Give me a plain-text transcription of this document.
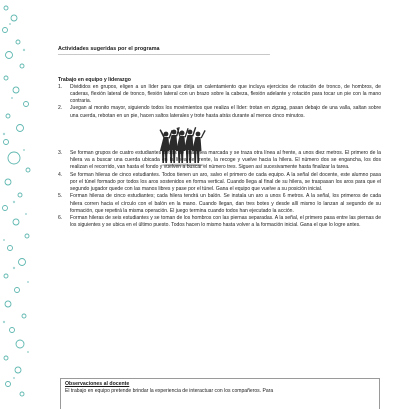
Actividades sugeridas por el programa
Trabajo en equipo y liderazgo
1. Divididos en grupos, eligen a un líder para que dirija un calentamiento que incluya ejercicios de rotación de tronco, de hombros, de caderas, flexión lateral de tronco, flexión lateral con un brazo sobre la cabeza, flexión adelante y rotación para tocar un pie con la mano contraria.
2. Juegan al monito mayor, siguiendo todos los movimientos que realiza el líder: trotan en zigzag, pasan debajo de una valla, saltan sobre una cuerda, rebotan en un pie, hacen saltos laterales y trote hasta atrás durante al menos cinco minutos.
3. Se forman grupos de cuatro estudiantes detrás de una línea marcada y se traza otra línea al frente, a unos diez metros. El primero de la hilera va a buscar una cuerda ubicada en la línea del frente, la recoge y vuelve hacia la hilera. El número dos se engancha, los dos realizan el recorrido, van hasta el fondo y vuelven a buscar el número tres. Siguen así sucesivamente hasta finalizar la tarea.
4. Se forman hileras de cinco estudiantes. Todos tienen un aro, salvo el primero de cada equipo. A la señal del docente, este alumno pasa por el túnel formado por todos los aros sostenidos en forma vertical. Cuando llega al final de su hilera, se traspasan los aros para que el segundo jugador quede con las manos libres y pase por el túnel. Gana el equipo que vuelve a su posición inicial.
5. Forman hileras de cinco estudiantes; cada hilera tendrá un balón. Se instala un aro a unos 6 metros. A la señal, los primeros de cada hilera corren hacia el círculo con el balón en la mano. Cuando llegan, dan tres botes y desde allí mismo lo lanzan al segundo de su formación, que repetirá la misma operación. El juego termina cuando todos han ejecutado la acción.
6. Forman hileras de seis estudiantes y se toman de los hombros con las piernas separadas. A la señal, el primero pasa entre las piernas de los siguientes y se ubica en el último puesto. Todos hacen lo mismo hasta volver a la formación inicial. Gana el que lo logre antes.
Observaciones al docente
El trabajo en equipo pretende brindar la experiencia de interactuar con los compañeros. Para
